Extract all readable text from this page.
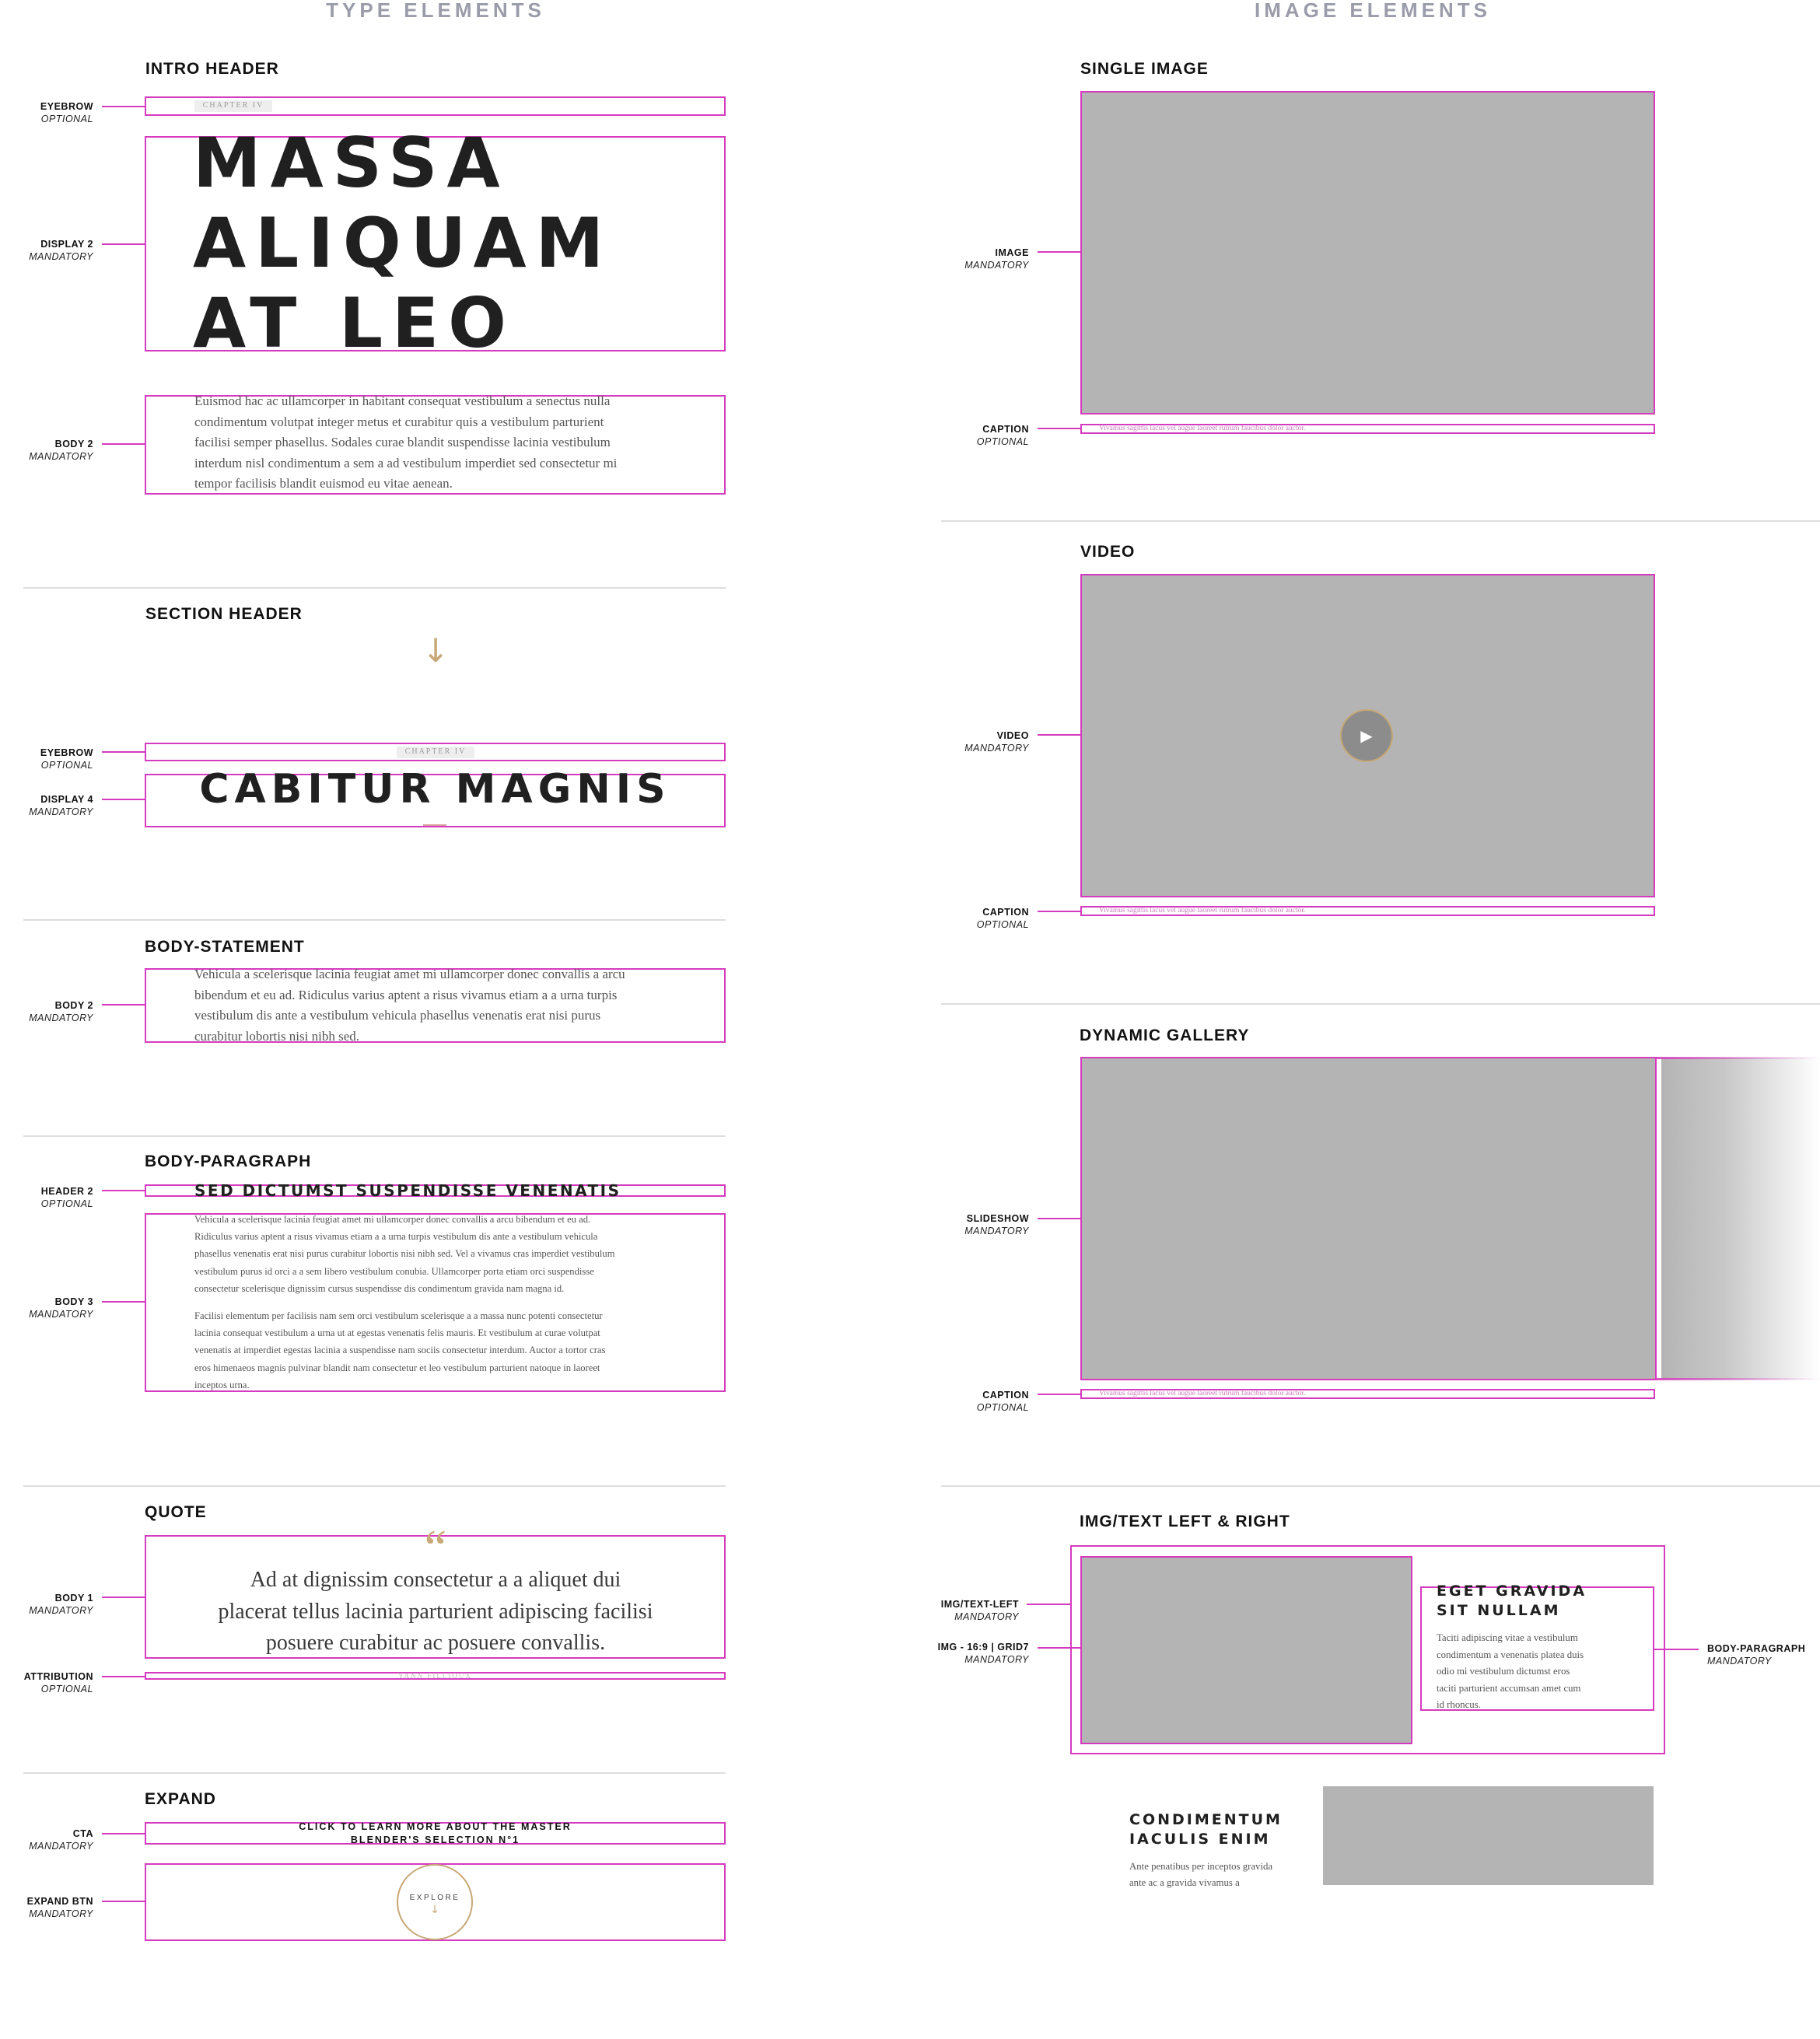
TYPE ELEMENTS	IMAGE ELEMENTS
INTRO HEADER
EYEBROW
OPTIONAL
CHAPTER IV
DISPLAY 2
MANDATORY
MASSA
ALIQUAM
AT LEO
BODY 2
MANDATORY
Euismod hac ac ullamcorper in habitant consequat vestibulum a senectus nulla
condimentum volutpat integer metus et curabitur quis a vestibulum parturient
facilisi semper phasellus. Sodales curae blandit suspendisse lacinia vestibulum
interdum nisl condimentum a sem a ad vestibulum imperdiet sed consectetur mi
tempor facilisis blandit euismod eu vitae aenean.
SECTION HEADER
↓
EYEBROW
OPTIONAL
CHAPTER IV
DISPLAY 4
MANDATORY	CABITUR MAGNIS
BODY-STATEMENT
BODY 2
MANDATORY
Vehicula a scelerisque lacinia feugiat amet mi ullamcorper donec convallis a arcu
bibendum et eu ad. Ridiculus varius aptent a risus vivamus etiam a a urna turpis
vestibulum dis ante a vestibulum vehicula phasellus venenatis erat nisi purus
curabitur lobortis nisi nibh sed.
BODY-PARAGRAPH
HEADER 2
OPTIONAL
SED DICTUMST SUSPENDISSE VENENATIS
BODY 3
MANDATORY
Vehicula a scelerisque lacinia feugiat amet mi ullamcorper donec convallis a arcu bibendum et eu ad.
Ridiculus varius aptent a risus vivamus etiam a a urna turpis vestibulum dis ante a vestibulum vehicula
phasellus venenatis erat nisi purus curabitur lobortis nisi nibh sed. Vel a vivamus cras imperdiet vestibulum
vestibulum purus id orci a a sem libero vestibulum conubia. Ullamcorper porta etiam orci suspendisse
consectetur scelerisque dignissim cursus suspendisse dis condimentum gravida nam magna id.
Facilisi elementum per facilisis nam sem orci vestibulum scelerisque a a massa nunc potenti consectetur
lacinia consequat vestibulum a urna ut at egestas venenatis felis mauris. Et vestibulum at curae volutpat
venenatis at imperdiet egestas lacinia a suspendisse nam sociis consectetur interdum. Auctor a tortor cras
eros himenaeos magnis pulvinar blandit nam consectetur et leo vestibulum parturient natoque in laoreet
inceptos urna.
QUOTE
BODY 1
MANDATORY
“
Ad at dignissim consectetur a a aliquet dui
placerat tellus lacinia parturient adipiscing facilisi
posuere curabitur ac posuere convallis.
ATTRIBUTION
OPTIONAL
YANN FILLIOUX
EXPAND
CTA
MANDATORY
CLICK TO LEARN MORE ABOUT THE MASTER
BLENDER'S SELECTION N°1
EXPAND BTN
MANDATORY
EXPLORE
↓
SINGLE IMAGE
IMAGE
MANDATORY
CAPTION
OPTIONAL
Vivamus sagittis lacus vel augue laoreet rutrum faucibus dolor auctor.
VIDEO
VIDEO
MANDATORY
▶
CAPTION
OPTIONAL
Vivamus sagittis lacus vel augue laoreet rutrum faucibus dolor auctor.
DYNAMIC GALLERY
SLIDESHOW
MANDATORY
CAPTION
OPTIONAL
Vivamus sagittis lacus vel augue laoreet rutrum faucibus dolor auctor.
IMG/TEXT LEFT & RIGHT
IMG/TEXT-LEFT
MANDATORY
IMG - 16:9 | GRID7
MANDATORY
EGET GRAVIDA
SIT NULLAM
Taciti adipiscing vitae a vestibulum
condimentum a venenatis platea duis
odio mi vestibulum dictumst eros
taciti parturient accumsan amet cum
id rhoncus.
BODY-PARAGRAPH
MANDATORY
CONDIMENTUM
IACULIS ENIM
Ante penatibus per inceptos gravida
ante ac a gravida vivamus a
